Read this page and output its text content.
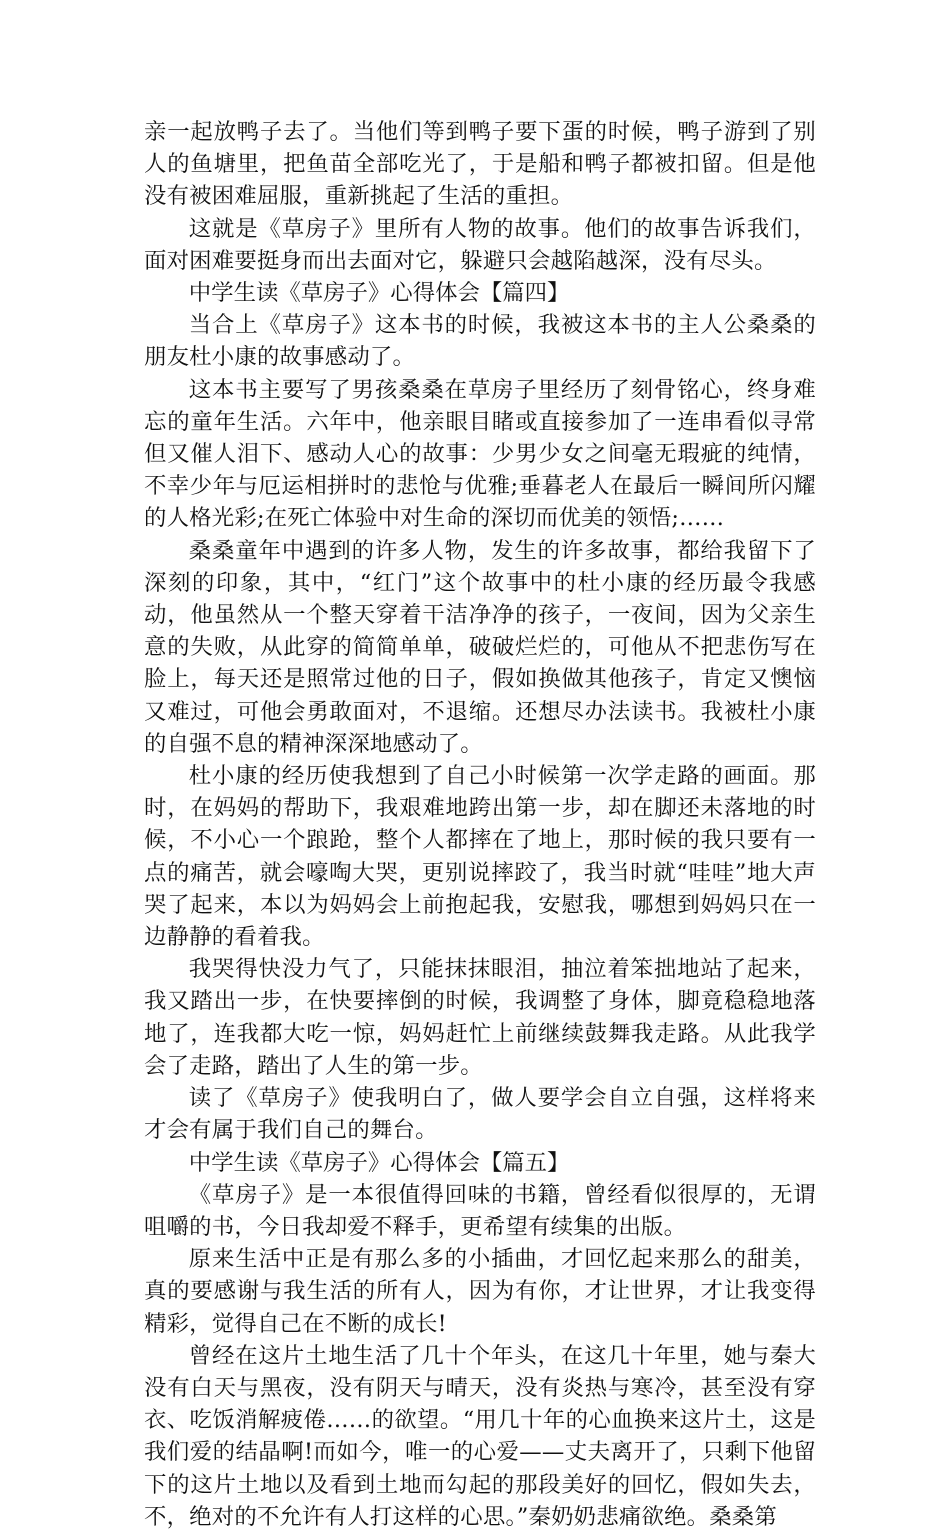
亲一起放鸭子去了。当他们等到鸭子要下蛋的时候，鸭子游到了别人的鱼塘里，把鱼苗全部吃光了，于是船和鸭子都被扣留。但是他没有被困难屈服，重新挑起了生活的重担。

这就是《草房子》里所有人物的故事。他们的故事告诉我们，面对困难要挺身而出去面对它，躲避只会越陷越深，没有尽头。

中学生读《草房子》心得体会【篇四】

当合上《草房子》这本书的时候，我被这本书的主人公桑桑的朋友杜小康的故事感动了。

这本书主要写了男孩桑桑在草房子里经历了刻骨铭心，终身难忘的童年生活。六年中，他亲眼目睹或直接参加了一连串看似寻常但又催人泪下、感动人心的故事：少男少女之间毫无瑕疵的纯情，不幸少年与厄运相拼时的悲怆与优雅;垂暮老人在最后一瞬间所闪耀的人格光彩;在死亡体验中对生命的深切而优美的领悟;……

桑桑童年中遇到的许多人物，发生的许多故事，都给我留下了深刻的印象，其中，“红门”这个故事中的杜小康的经历最令我感动，他虽然从一个整天穿着干洁净净的孩子，一夜间，因为父亲生意的失败，从此穿的简简单单，破破烂烂的，可他从不把悲伤写在脸上，每天还是照常过他的日子，假如换做其他孩子，肯定又懊恼又难过，可他会勇敢面对，不退缩。还想尽办法读书。我被杜小康的自强不息的精神深深地感动了。

杜小康的经历使我想到了自己小时候第一次学走路的画面。那时，在妈妈的帮助下，我艰难地跨出第一步，却在脚还未落地的时候，不小心一个踉跄，整个人都摔在了地上，那时候的我只要有一点的痛苦，就会嚎啕大哭，更别说摔跤了，我当时就“哇哇”地大声哭了起来，本以为妈妈会上前抱起我，安慰我，哪想到妈妈只在一边静静的看着我。

我哭得快没力气了，只能抹抹眼泪，抽泣着笨拙地站了起来，我又踏出一步，在快要摔倒的时候，我调整了身体，脚竟稳稳地落地了，连我都大吃一惊，妈妈赶忙上前继续鼓舞我走路。从此我学会了走路，踏出了人生的第一步。

读了《草房子》使我明白了，做人要学会自立自强，这样将来才会有属于我们自己的舞台。

中学生读《草房子》心得体会【篇五】

《草房子》是一本很值得回味的书籍，曾经看似很厚的，无谓咀嚼的书，今日我却爱不释手，更希望有续集的出版。

原来生活中正是有那么多的小插曲，才回忆起来那么的甜美，真的要感谢与我生活的所有人，因为有你，才让世界，才让我变得精彩，觉得自己在不断的成长!

曾经在这片土地生活了几十个年头，在这几十年里，她与秦大没有白天与黑夜，没有阴天与晴天，没有炎热与寒冷，甚至没有穿衣、吃饭消解疲倦……的欲望。“用几十年的心血换来这片土，这是我们爱的结晶啊!而如今，唯一的心爱——丈夫离开了，只剩下他留下的这片土地以及看到土地而勾起的那段美好的回忆，假如失去，不，绝对的不允许有人打这样的心思。”秦奶奶悲痛欲绝。桑桑第
